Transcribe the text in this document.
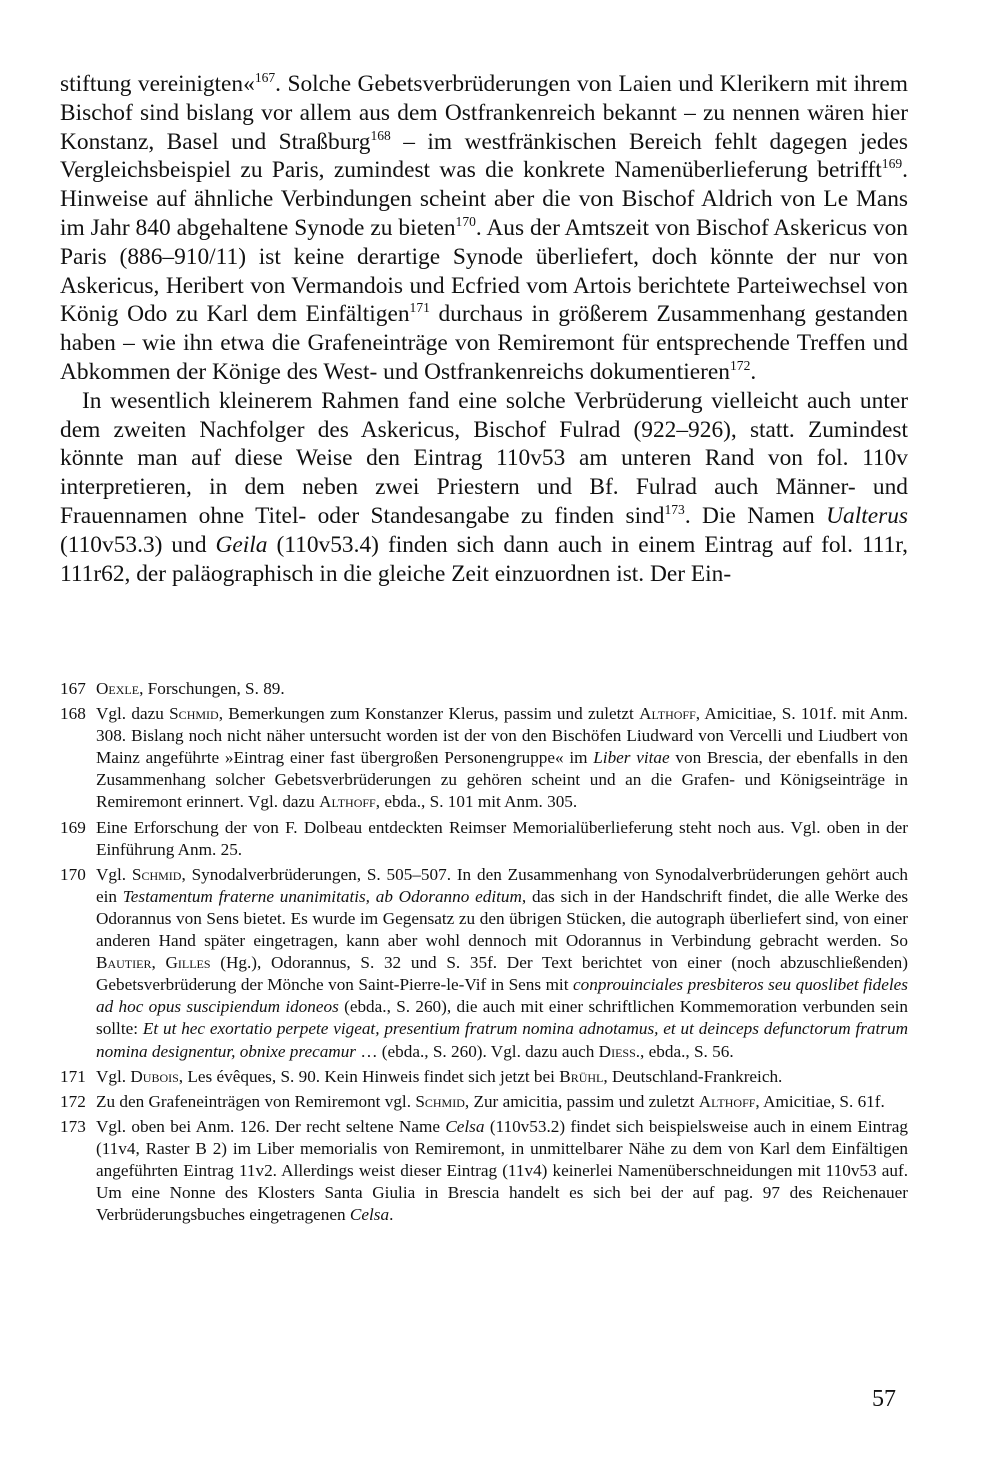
stiftung vereinigten«$^{167}$. Solche Gebetsverbrüderungen von Laien und Klerikern mit ihrem Bischof sind bislang vor allem aus dem Ostfrankenreich bekannt – zu nennen wären hier Konstanz, Basel und Straßburg$^{168}$ – im westfränkischen Bereich fehlt dagegen jedes Vergleichsbeispiel zu Paris, zumindest was die konkrete Namenüberlieferung betrifft$^{169}$. Hinweise auf ähnliche Verbindungen scheint aber die von Bischof Aldrich von Le Mans im Jahr 840 abgehaltene Synode zu bieten$^{170}$. Aus der Amtszeit von Bischof Askericus von Paris (886–910/11) ist keine derartige Synode überliefert, doch könnte der nur von Askericus, Heribert von Vermandois und Ecfried vom Artois berichtete Parteiwechsel von König Odo zu Karl dem Einfältigen$^{171}$ durchaus in größerem Zusammenhang gestanden haben – wie ihn etwa die Grafeneinträge von Remiremont für entsprechende Treffen und Abkommen der Könige des West- und Ostfrankenreichs dokumentieren$^{172}$.

In wesentlich kleinerem Rahmen fand eine solche Verbrüderung vielleicht auch unter dem zweiten Nachfolger des Askericus, Bischof Fulrad (922–926), statt. Zumindest könnte man auf diese Weise den Eintrag 110v53 am unteren Rand von fol. 110v interpretieren, in dem neben zwei Priestern und Bf. Fulrad auch Männer- und Frauennamen ohne Titel- oder Standesangabe zu finden sind$^{173}$. Die Namen Ualterus (110v53.3) und Geila (110v53.4) finden sich dann auch in einem Eintrag auf fol. 111r, 111r62, der paläographisch in die gleiche Zeit einzuordnen ist. Der Ein-

167 Oexle, Forschungen, S. 89.
168 Vgl. dazu Schmid, Bemerkungen zum Konstanzer Klerus, passim und zuletzt Althoff, Amicitiae, S. 101f. mit Anm. 308. Bislang noch nicht näher untersucht worden ist der von den Bischöfen Liudward von Vercelli und Liudbert von Mainz angeführte »Eintrag einer fast übergroßen Personengruppe« im Liber vitae von Brescia, der ebenfalls in den Zusammenhang solcher Gebetsverbrüderungen zu gehören scheint und an die Grafen- und Königseinträge in Remiremont erinnert. Vgl. dazu Althoff, ebda., S. 101 mit Anm. 305.
169 Eine Erforschung der von F. Dolbeau entdeckten Reimser Memorialüberlieferung steht noch aus. Vgl. oben in der Einführung Anm. 25.
170 Vgl. Schmid, Synodalverbrüderungen, S. 505–507. In den Zusammenhang von Synodalverbrüderungen gehört auch ein Testamentum fraterne unanimitatis, ab Odoranno editum, das sich in der Handschrift findet, die alle Werke des Odorannus von Sens bietet. Es wurde im Gegensatz zu den übrigen Stücken, die autograph überliefert sind, von einer anderen Hand später eingetragen, kann aber wohl dennoch mit Odorannus in Verbindung gebracht werden. So Bautier, Gilles (Hg.), Odorannus, S. 32 und S. 35f. Der Text berichtet von einer (noch abzuschließenden) Gebetsverbrüderung der Mönche von Saint-Pierre-le-Vif in Sens mit conprouinciales presbiteros seu quoslibet fideles ad hoc opus suscipiendum idoneos (ebda., S. 260), die auch mit einer schriftlichen Kommemoration verbunden sein sollte: Et ut hec exortatio perpete vigeat, presentium fratrum nomina adnotamus, et ut deinceps defunctorum fratrum nomina designentur, obnixe precamur … (ebda., S. 260). Vgl. dazu auch Diess., ebda., S. 56.
171 Vgl. Dubois, Les évêques, S. 90. Kein Hinweis findet sich jetzt bei Brühl, Deutschland-Frankreich.
172 Zu den Grafeneinträgen von Remiremont vgl. Schmid, Zur amicitia, passim und zuletzt Althoff, Amicitiae, S. 61f.
173 Vgl. oben bei Anm. 126. Der recht seltene Name Celsa (110v53.2) findet sich beispielsweise auch in einem Eintrag (11v4, Raster B 2) im Liber memorialis von Remiremont, in unmittelbarer Nähe zu dem von Karl dem Einfältigen angeführten Eintrag 11v2. Allerdings weist dieser Eintrag (11v4) keinerlei Namenüberschneidungen mit 110v53 auf. Um eine Nonne des Klosters Santa Giulia in Brescia handelt es sich bei der auf pag. 97 des Reichenauer Verbrüderungsbuches eingetragenen Celsa.
57
